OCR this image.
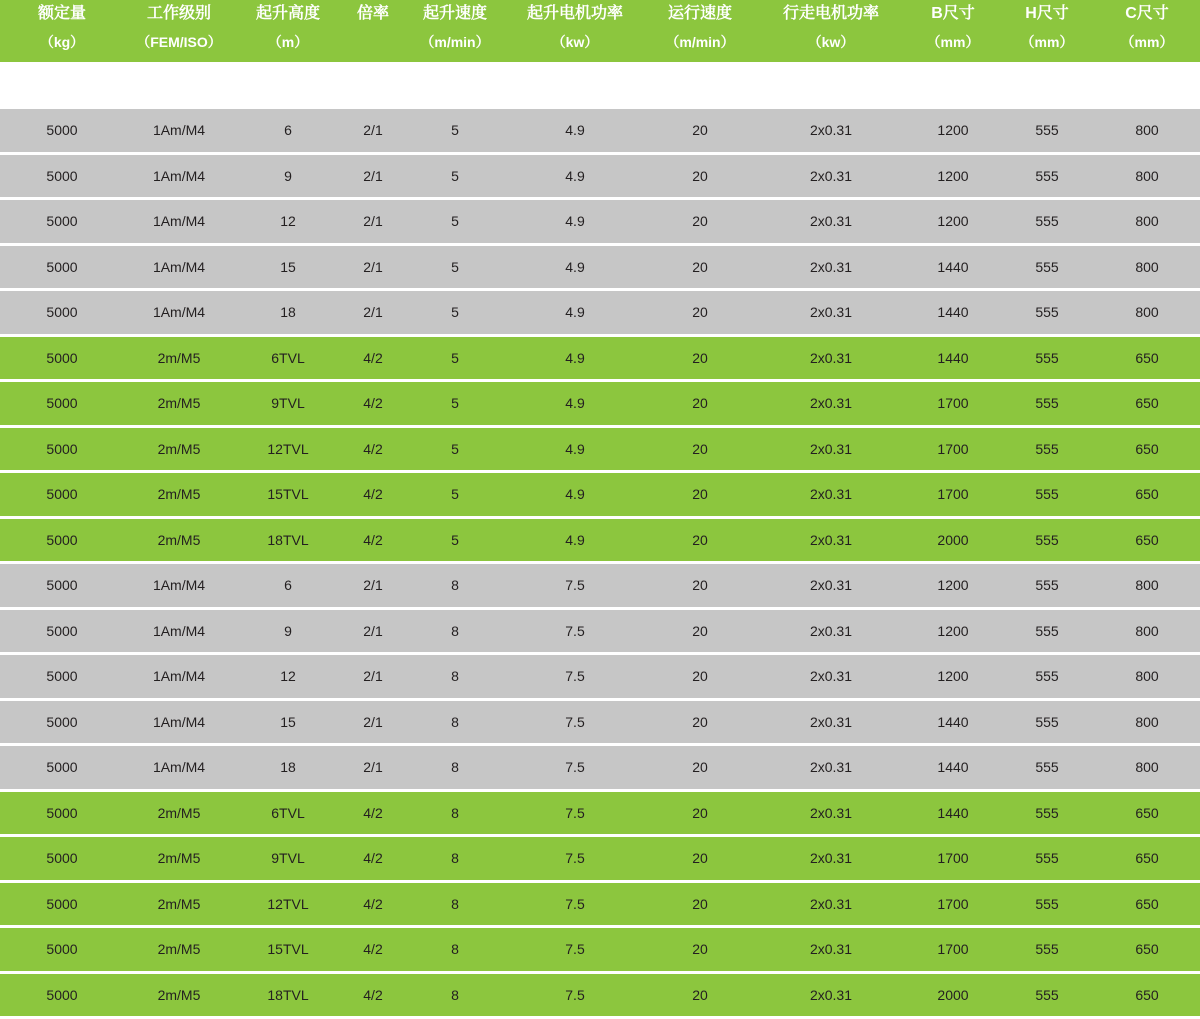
额定量	工作级别	起升高度	倍率	起升速度	起升电机功率	运行速度	行走电机功率	B尺寸	H尺寸	C尺寸
（kg）	（FEM/ISO）	（m）		（m/min）	（kw）	（m/min）	（kw）	（mm）	（mm）	（mm）

5000	1Am/M4	6	2/1	5	4.9	20	2x0.31	1200	555	800
5000	1Am/M4	9	2/1	5	4.9	20	2x0.31	1200	555	800
5000	1Am/M4	12	2/1	5	4.9	20	2x0.31	1200	555	800
5000	1Am/M4	15	2/1	5	4.9	20	2x0.31	1440	555	800
5000	1Am/M4	18	2/1	5	4.9	20	2x0.31	1440	555	800
5000	2m/M5	6TVL	4/2	5	4.9	20	2x0.31	1440	555	650
5000	2m/M5	9TVL	4/2	5	4.9	20	2x0.31	1700	555	650
5000	2m/M5	12TVL	4/2	5	4.9	20	2x0.31	1700	555	650
5000	2m/M5	15TVL	4/2	5	4.9	20	2x0.31	1700	555	650
5000	2m/M5	18TVL	4/2	5	4.9	20	2x0.31	2000	555	650
5000	1Am/M4	6	2/1	8	7.5	20	2x0.31	1200	555	800
5000	1Am/M4	9	2/1	8	7.5	20	2x0.31	1200	555	800
5000	1Am/M4	12	2/1	8	7.5	20	2x0.31	1200	555	800
5000	1Am/M4	15	2/1	8	7.5	20	2x0.31	1440	555	800
5000	1Am/M4	18	2/1	8	7.5	20	2x0.31	1440	555	800
5000	2m/M5	6TVL	4/2	8	7.5	20	2x0.31	1440	555	650
5000	2m/M5	9TVL	4/2	8	7.5	20	2x0.31	1700	555	650
5000	2m/M5	12TVL	4/2	8	7.5	20	2x0.31	1700	555	650
5000	2m/M5	15TVL	4/2	8	7.5	20	2x0.31	1700	555	650
5000	2m/M5	18TVL	4/2	8	7.5	20	2x0.31	2000	555	650
